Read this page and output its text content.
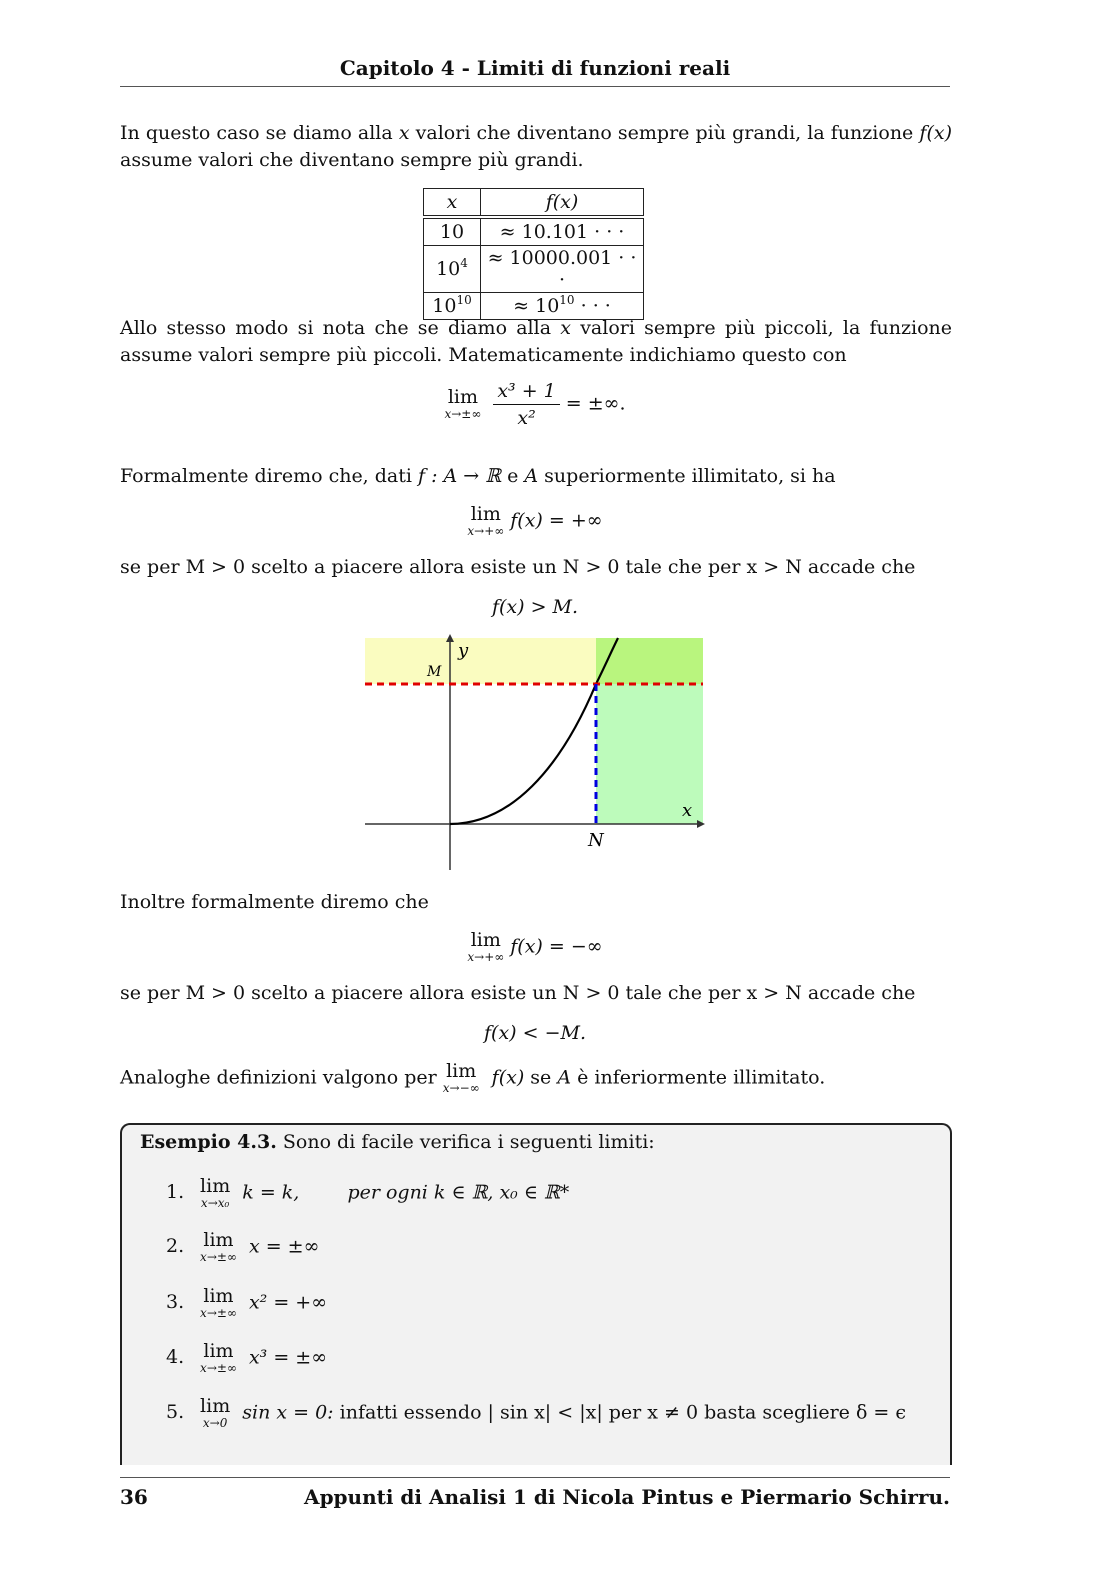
Capitolo 4 - Limiti di funzioni reali
In questo caso se diamo alla x valori che diventano sempre più grandi, la funzione f(x) assume valori che diventano sempre più grandi.
x	f(x)
10	≈ 10.101 · · ·
$10^4$	≈ 10000.001 · · ·
$10^{10}$	≈ $10^{10}$ · · ·
Allo stesso modo si nota che se diamo alla x valori sempre più piccoli, la funzione assume valori sempre più piccoli. Matematicamente indichiamo questo con
lim
$x\to\pm\infty \frac{\text{x³ + 1}}{\text{x²}}$ = ±∞.
Formalmente diremo che, dati f : A → ℝ e A superiormente illimitato, si ha
lim
x→+∞ f(x) = +∞
se per M > 0 scelto a piacere allora esiste un N > 0 tale che per x > N accade che
f(x) > M.
y
x
M
N
Inoltre formalmente diremo che
lim
x→+∞ f(x) = −∞
se per M > 0 scelto a piacere allora esiste un N > 0 tale che per x > N accade che
f(x) < −M.
Analoghe definizioni valgono per lim
x→−∞ f(x) se A è inferiormente illimitato.
Esempio 4.3. Sono di facile verifica i seguenti limiti:
1. lim
x→x₀ k = k,	per ogni k ∈ ℝ, x₀ ∈ ℝ*
2. lim
x→±∞ x = ±∞
3. lim
x→±∞ x² = +∞
4. lim
x→±∞ x³ = ±∞
5. lim
x→0 sin x = 0: infatti essendo | sin x| < |x| per x ≠ 0 basta scegliere δ = ϵ
36	Appunti di Analisi 1 di Nicola Pintus e Piermario Schirru.
